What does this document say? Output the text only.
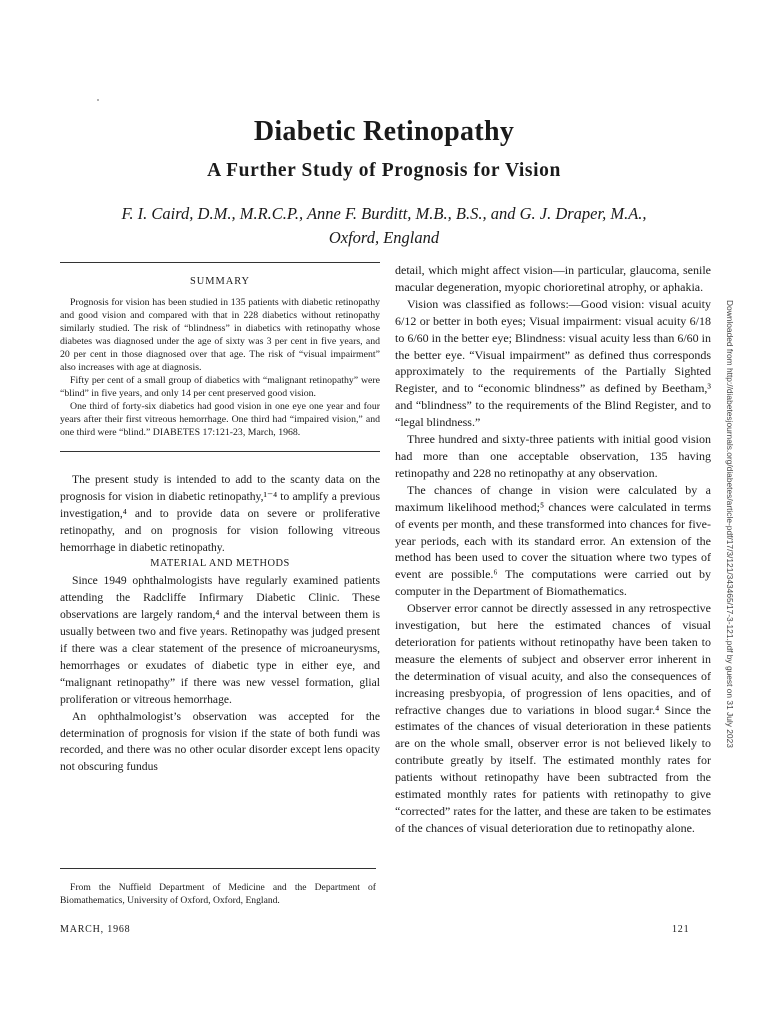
Diabetic Retinopathy
A Further Study of Prognosis for Vision
F. I. Caird, D.M., M.R.C.P., Anne F. Burditt, M.B., B.S., and G. J. Draper, M.A.,
Oxford, England
SUMMARY

Prognosis for vision has been studied in 135 patients with diabetic retinopathy and good vision and compared with that in 228 diabetics without retinopathy similarly studied. The risk of “blindness” in diabetics with retinopathy whose diabetes was diagnosed under the age of sixty was 3 per cent in five years, and 20 per cent in those diagnosed over that age. The risk of “visual impairment” also increases with age at diagnosis.

Fifty per cent of a small group of diabetics with “malignant retinopathy” were “blind” in five years, and only 14 per cent preserved good vision.

One third of forty-six diabetics had good vision in one eye one year and four years after their first vitreous hemorrhage. One third had “impaired vision,” and one third were “blind.” DIABETES 17:121-23, March, 1968.

The present study is intended to add to the scanty data on the prognosis for vision in diabetic retinopathy,¹⁻⁴ to amplify a previous investigation,⁴ and to provide data on severe or proliferative retinopathy, and on prognosis for vision following vitreous hemorrhage in diabetic retinopathy.

MATERIAL AND METHODS

Since 1949 ophthalmologists have regularly examined patients attending the Radcliffe Infirmary Diabetic Clinic. These observations are largely random,⁴ and the interval between them is usually between two and five years. Retinopathy was judged present if there was a clear statement of the presence of microaneurysms, hemorrhages or exudates of diabetic type in either eye, and “malignant retinopathy” if there was new vessel formation, glial proliferation or vitreous hemorrhage.

An ophthalmologist’s observation was accepted for the determination of prognosis for vision if the state of both fundi was recorded, and there was no other ocular disorder except lens opacity not obscuring fundus

detail, which might affect vision—in particular, glaucoma, senile macular degeneration, myopic chorioretinal atrophy, or aphakia.

Vision was classified as follows:—Good vision: visual acuity 6/12 or better in both eyes; Visual impairment: visual acuity 6/18 to 6/60 in the better eye; Blindness: visual acuity less than 6/60 in the better eye. “Visual impairment” as defined thus corresponds approximately to the requirements of the Partially Sighted Register, and to “economic blindness” as defined by Beetham,³ and “blindness” to the requirements of the Blind Register, and to “legal blindness.”

Three hundred and sixty-three patients with initial good vision had more than one acceptable observation, 135 having retinopathy and 228 no retinopathy at any observation.

The chances of change in vision were calculated by a maximum likelihood method;⁵ chances were calculated in terms of events per month, and these transformed into chances for five-year periods, each with its standard error. An extension of the method has been used to cover the situation where two types of event are possible.⁶ The computations were carried out by computer in the Department of Biomathematics.

Observer error cannot be directly assessed in any retrospective investigation, but here the estimated chances of visual deterioration for patients without retinopathy have been taken to measure the elements of subject and observer error inherent in the determination of visual acuity, and also the consequences of increasing presbyopia, of progression of lens opacities, and of refractive changes due to variations in blood sugar.⁴ Since the estimates of the chances of visual deterioration in these patients are on the whole small, observer error is not believed likely to contribute greatly by itself. The estimated monthly rates for patients without retinopathy have been subtracted from the estimated monthly rates for patients with retinopathy to give “corrected” rates for the latter, and these are taken to be estimates of the chances of visual deterioration due to retinopathy alone.

From the Nuffield Department of Medicine and the Department of Biomathematics, University of Oxford, Oxford, England.

MARCH, 1968	121
Downloaded from http://diabetesjournals.org/diabetes/article-pdf/17/3/121/343465/17-3-121.pdf by guest on 31 July 2023
